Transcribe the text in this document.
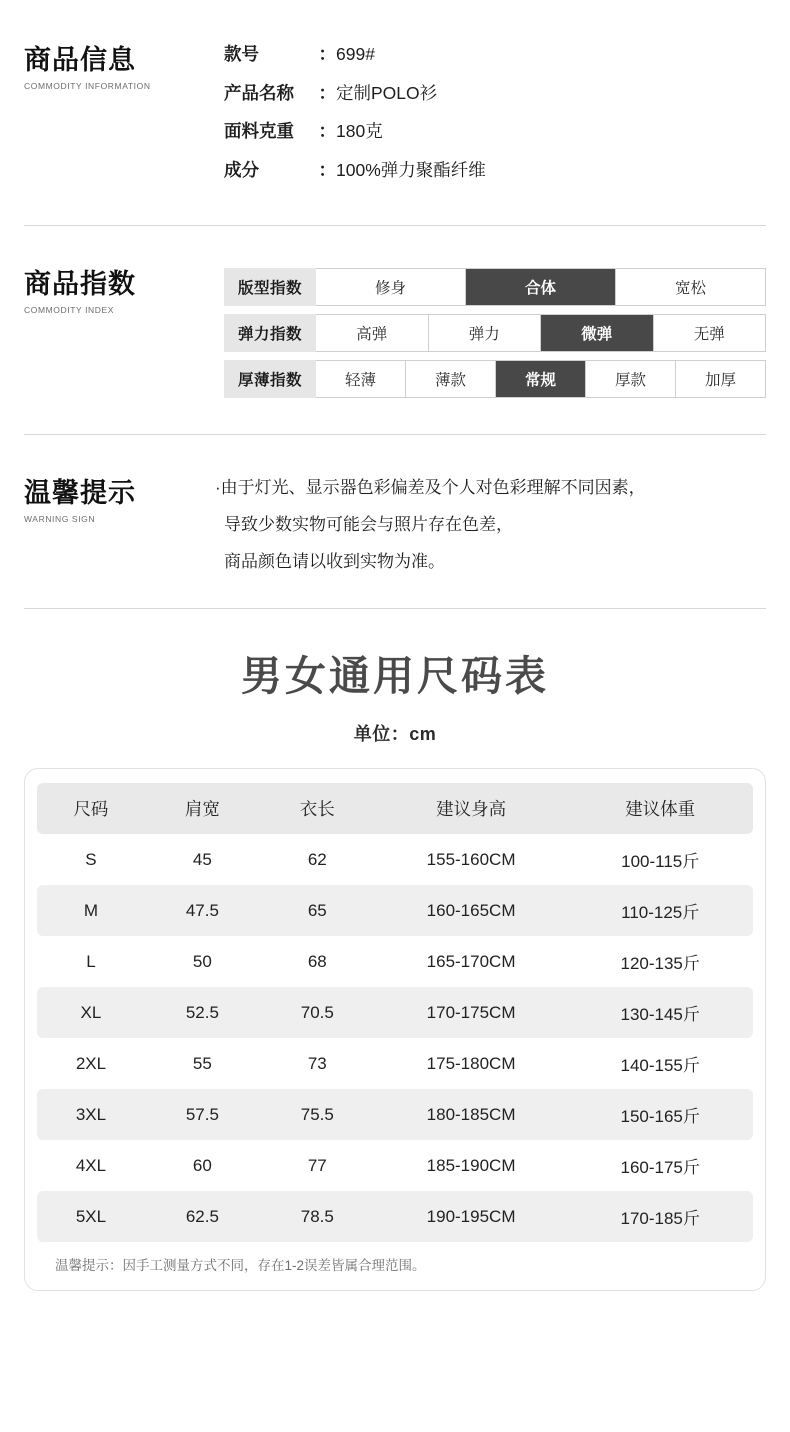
商品信息
COMMODITY INFORMATION
款号	： 699#
产品名称	： 定制POLO衫
面料克重	： 180克
成分	： 100%弹力聚酯纤维
商品指数
COMMODITY INDEX
版型指数	修身	合体	宽松
弹力指数	高弹	弹力	微弹	无弹
厚薄指数	轻薄	薄款	常规	厚款	加厚
温馨提示
WARNING SIGN
·由于灯光、显示器色彩偏差及个人对色彩理解不同因素，
导致少数实物可能会与照片存在色差，
商品颜色请以收到实物为准。
男女通用尺码表
单位：cm
尺码	肩宽	衣长	建议身高	建议体重
S	45	62	155-160CM	100-115斤
M	47.5	65	160-165CM	110-125斤
L	50	68	165-170CM	120-135斤
XL	52.5	70.5	170-175CM	130-145斤
2XL	55	73	175-180CM	140-155斤
3XL	57.5	75.5	180-185CM	150-165斤
4XL	60	77	185-190CM	160-175斤
5XL	62.5	78.5	190-195CM	170-185斤
温馨提示：因手工测量方式不同，存在1-2误差皆属合理范围。
